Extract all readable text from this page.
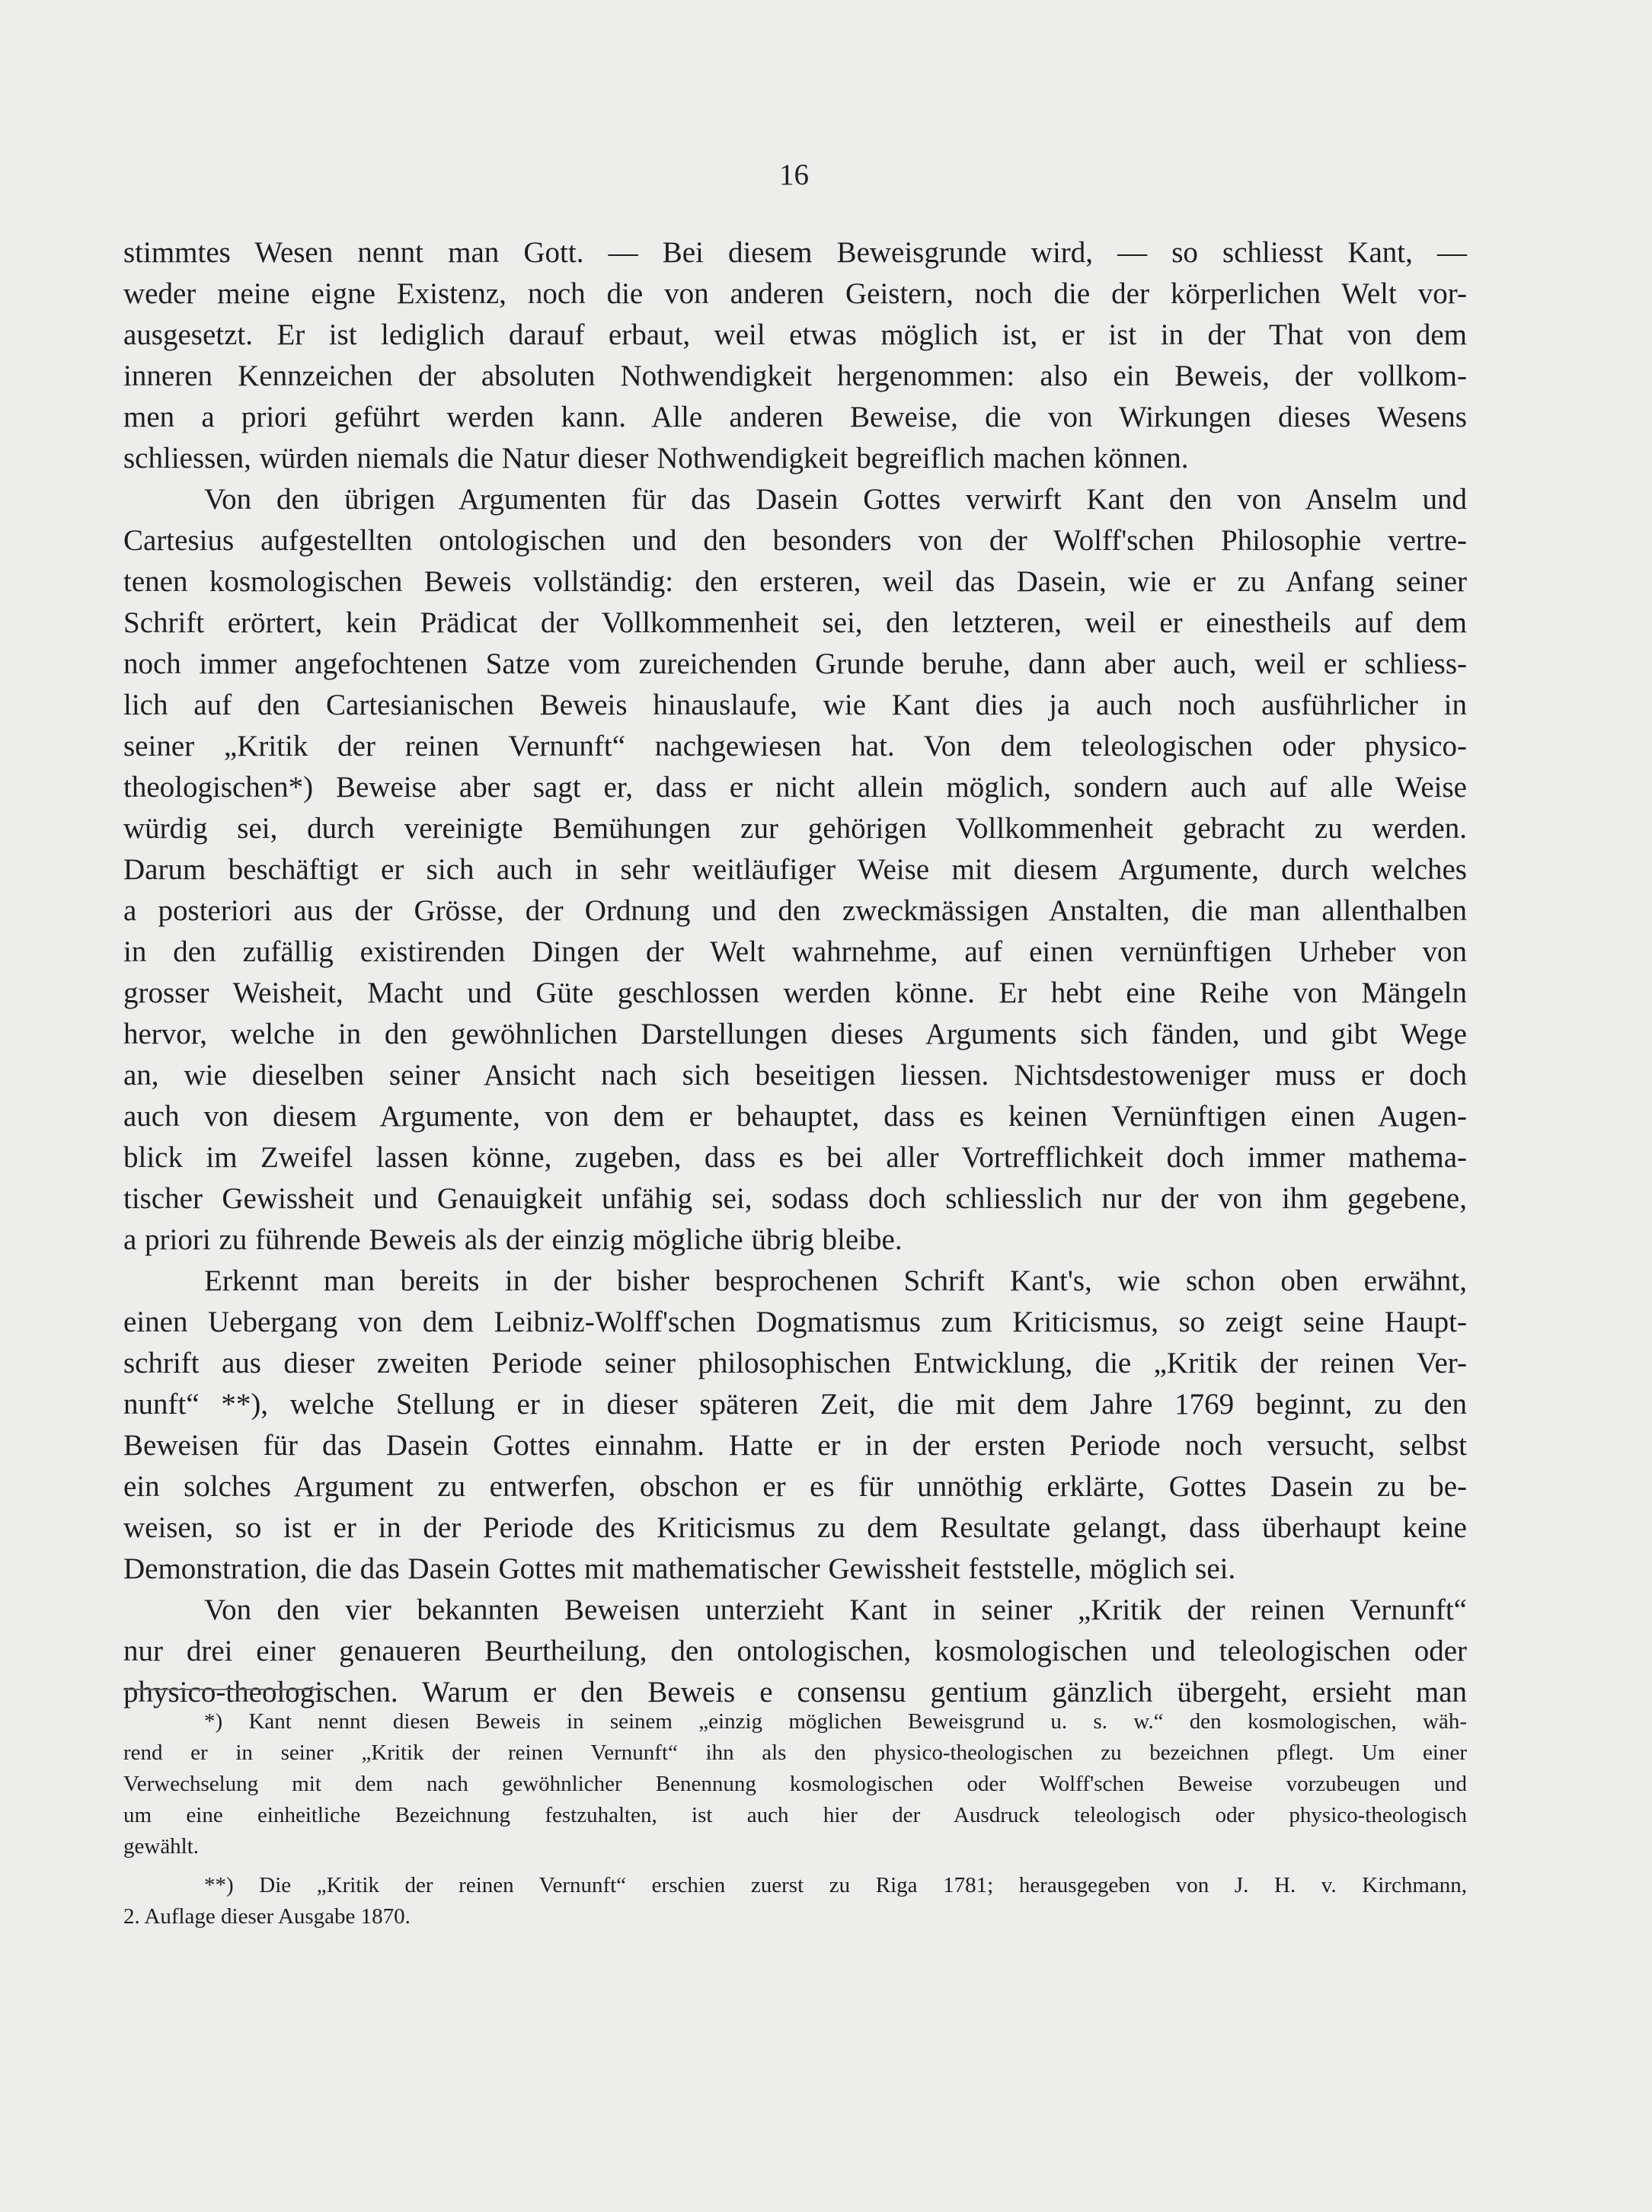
16
stimmtes Wesen nennt man Gott. — Bei diesem Beweisgrunde wird, — so schliesst Kant, —
weder meine eigne Existenz, noch die von anderen Geistern, noch die der körperlichen Welt vor-
ausgesetzt. Er ist lediglich darauf erbaut, weil etwas möglich ist, er ist in der That von dem
inneren Kennzeichen der absoluten Nothwendigkeit hergenommen: also ein Beweis, der vollkom-
men a priori geführt werden kann. Alle anderen Beweise, die von Wirkungen dieses Wesens
schliessen, würden niemals die Natur dieser Nothwendigkeit begreiflich machen können.
Von den übrigen Argumenten für das Dasein Gottes verwirft Kant den von Anselm und
Cartesius aufgestellten ontologischen und den besonders von der Wolff'schen Philosophie vertre-
tenen kosmologischen Beweis vollständig: den ersteren, weil das Dasein, wie er zu Anfang seiner
Schrift erörtert, kein Prädicat der Vollkommenheit sei, den letzteren, weil er einestheils auf dem
noch immer angefochtenen Satze vom zureichenden Grunde beruhe, dann aber auch, weil er schliess-
lich auf den Cartesianischen Beweis hinauslaufe, wie Kant dies ja auch noch ausführlicher in
seiner „Kritik der reinen Vernunft“ nachgewiesen hat. Von dem teleologischen oder physico-
theologischen*) Beweise aber sagt er, dass er nicht allein möglich, sondern auch auf alle Weise
würdig sei, durch vereinigte Bemühungen zur gehörigen Vollkommenheit gebracht zu werden.
Darum beschäftigt er sich auch in sehr weitläufiger Weise mit diesem Argumente, durch welches
a posteriori aus der Grösse, der Ordnung und den zweckmässigen Anstalten, die man allenthalben
in den zufällig existirenden Dingen der Welt wahrnehme, auf einen vernünftigen Urheber von
grosser Weisheit, Macht und Güte geschlossen werden könne. Er hebt eine Reihe von Mängeln
hervor, welche in den gewöhnlichen Darstellungen dieses Arguments sich fänden, und gibt Wege
an, wie dieselben seiner Ansicht nach sich beseitigen liessen. Nichtsdestoweniger muss er doch
auch von diesem Argumente, von dem er behauptet, dass es keinen Vernünftigen einen Augen-
blick im Zweifel lassen könne, zugeben, dass es bei aller Vortrefflichkeit doch immer mathema-
tischer Gewissheit und Genauigkeit unfähig sei, sodass doch schliesslich nur der von ihm gegebene,
a priori zu führende Beweis als der einzig mögliche übrig bleibe.
Erkennt man bereits in der bisher besprochenen Schrift Kant's, wie schon oben erwähnt,
einen Uebergang von dem Leibniz-Wolff'schen Dogmatismus zum Kriticismus, so zeigt seine Haupt-
schrift aus dieser zweiten Periode seiner philosophischen Entwicklung, die „Kritik der reinen Ver-
nunft“ **), welche Stellung er in dieser späteren Zeit, die mit dem Jahre 1769 beginnt, zu den
Beweisen für das Dasein Gottes einnahm. Hatte er in der ersten Periode noch versucht, selbst
ein solches Argument zu entwerfen, obschon er es für unnöthig erklärte, Gottes Dasein zu be-
weisen, so ist er in der Periode des Kriticismus zu dem Resultate gelangt, dass überhaupt keine
Demonstration, die das Dasein Gottes mit mathematischer Gewissheit feststelle, möglich sei.
Von den vier bekannten Beweisen unterzieht Kant in seiner „Kritik der reinen Vernunft“
nur drei einer genaueren Beurtheilung, den ontologischen, kosmologischen und teleologischen oder
physico-theologischen. Warum er den Beweis e consensu gentium gänzlich übergeht, ersieht man
*) Kant nennt diesen Beweis in seinem „einzig möglichen Beweisgrund u. s. w.“ den kosmologischen, wäh-
rend er in seiner „Kritik der reinen Vernunft“ ihn als den physico-theologischen zu bezeichnen pflegt. Um einer
Verwechselung mit dem nach gewöhnlicher Benennung kosmologischen oder Wolff'schen Beweise vorzubeugen und
um eine einheitliche Bezeichnung festzuhalten, ist auch hier der Ausdruck teleologisch oder physico-theologisch
gewählt.
**) Die „Kritik der reinen Vernunft“ erschien zuerst zu Riga 1781; herausgegeben von J. H. v. Kirchmann,
2. Auflage dieser Ausgabe 1870.
